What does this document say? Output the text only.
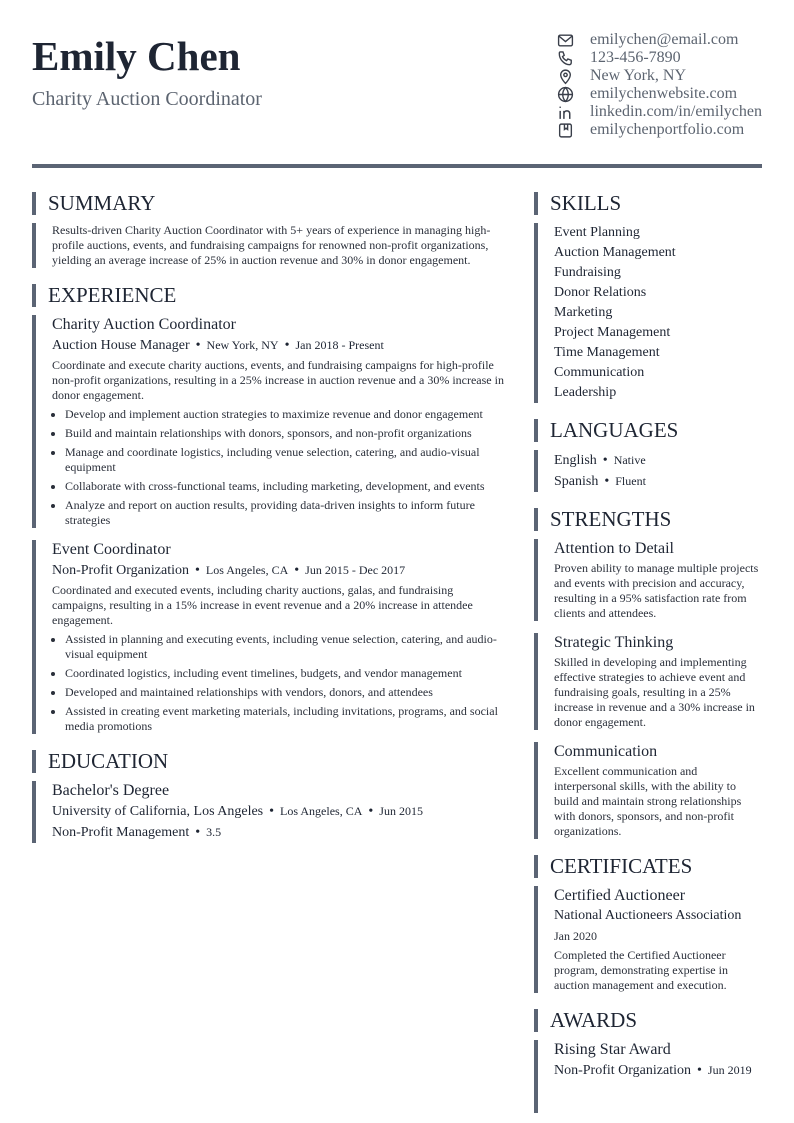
Emily Chen
Charity Auction Coordinator
emilychen@email.com
123-456-7890
New York, NY
emilychenwebsite.com
linkedin.com/in/emilychen
emilychenportfolio.com
SUMMARY
Results-driven Charity Auction Coordinator with 5+ years of experience in managing high-profile auctions, events, and fundraising campaigns for renowned non-profit organizations, yielding an average increase of 25% in auction revenue and 30% in donor engagement.
EXPERIENCE
Charity Auction Coordinator
Auction House Manager • New York, NY • Jan 2018 - Present
Coordinate and execute charity auctions, events, and fundraising campaigns for high-profile non-profit organizations, resulting in a 25% increase in auction revenue and a 30% increase in donor engagement.
• Develop and implement auction strategies to maximize revenue and donor engagement
• Build and maintain relationships with donors, sponsors, and non-profit organizations
• Manage and coordinate logistics, including venue selection, catering, and audio-visual equipment
• Collaborate with cross-functional teams, including marketing, development, and events
• Analyze and report on auction results, providing data-driven insights to inform future strategies
Event Coordinator
Non-Profit Organization • Los Angeles, CA • Jun 2015 - Dec 2017
Coordinated and executed events, including charity auctions, galas, and fundraising campaigns, resulting in a 15% increase in event revenue and a 20% increase in attendee engagement.
• Assisted in planning and executing events, including venue selection, catering, and audio-visual equipment
• Coordinated logistics, including event timelines, budgets, and vendor management
• Developed and maintained relationships with vendors, donors, and attendees
• Assisted in creating event marketing materials, including invitations, programs, and social media promotions
EDUCATION
Bachelor's Degree
University of California, Los Angeles • Los Angeles, CA • Jun 2015
Non-Profit Management • 3.5
SKILLS
Event Planning
Auction Management
Fundraising
Donor Relations
Marketing
Project Management
Time Management
Communication
Leadership
LANGUAGES
English • Native
Spanish • Fluent
STRENGTHS
Attention to Detail
Proven ability to manage multiple projects and events with precision and accuracy, resulting in a 95% satisfaction rate from clients and attendees.
Strategic Thinking
Skilled in developing and implementing effective strategies to achieve event and fundraising goals, resulting in a 25% increase in revenue and a 30% increase in donor engagement.
Communication
Excellent communication and interpersonal skills, with the ability to build and maintain strong relationships with donors, sponsors, and non-profit organizations.
CERTIFICATES
Certified Auctioneer
National Auctioneers Association
Jan 2020
Completed the Certified Auctioneer program, demonstrating expertise in auction management and execution.
AWARDS
Rising Star Award
Non-Profit Organization • Jun 2019
